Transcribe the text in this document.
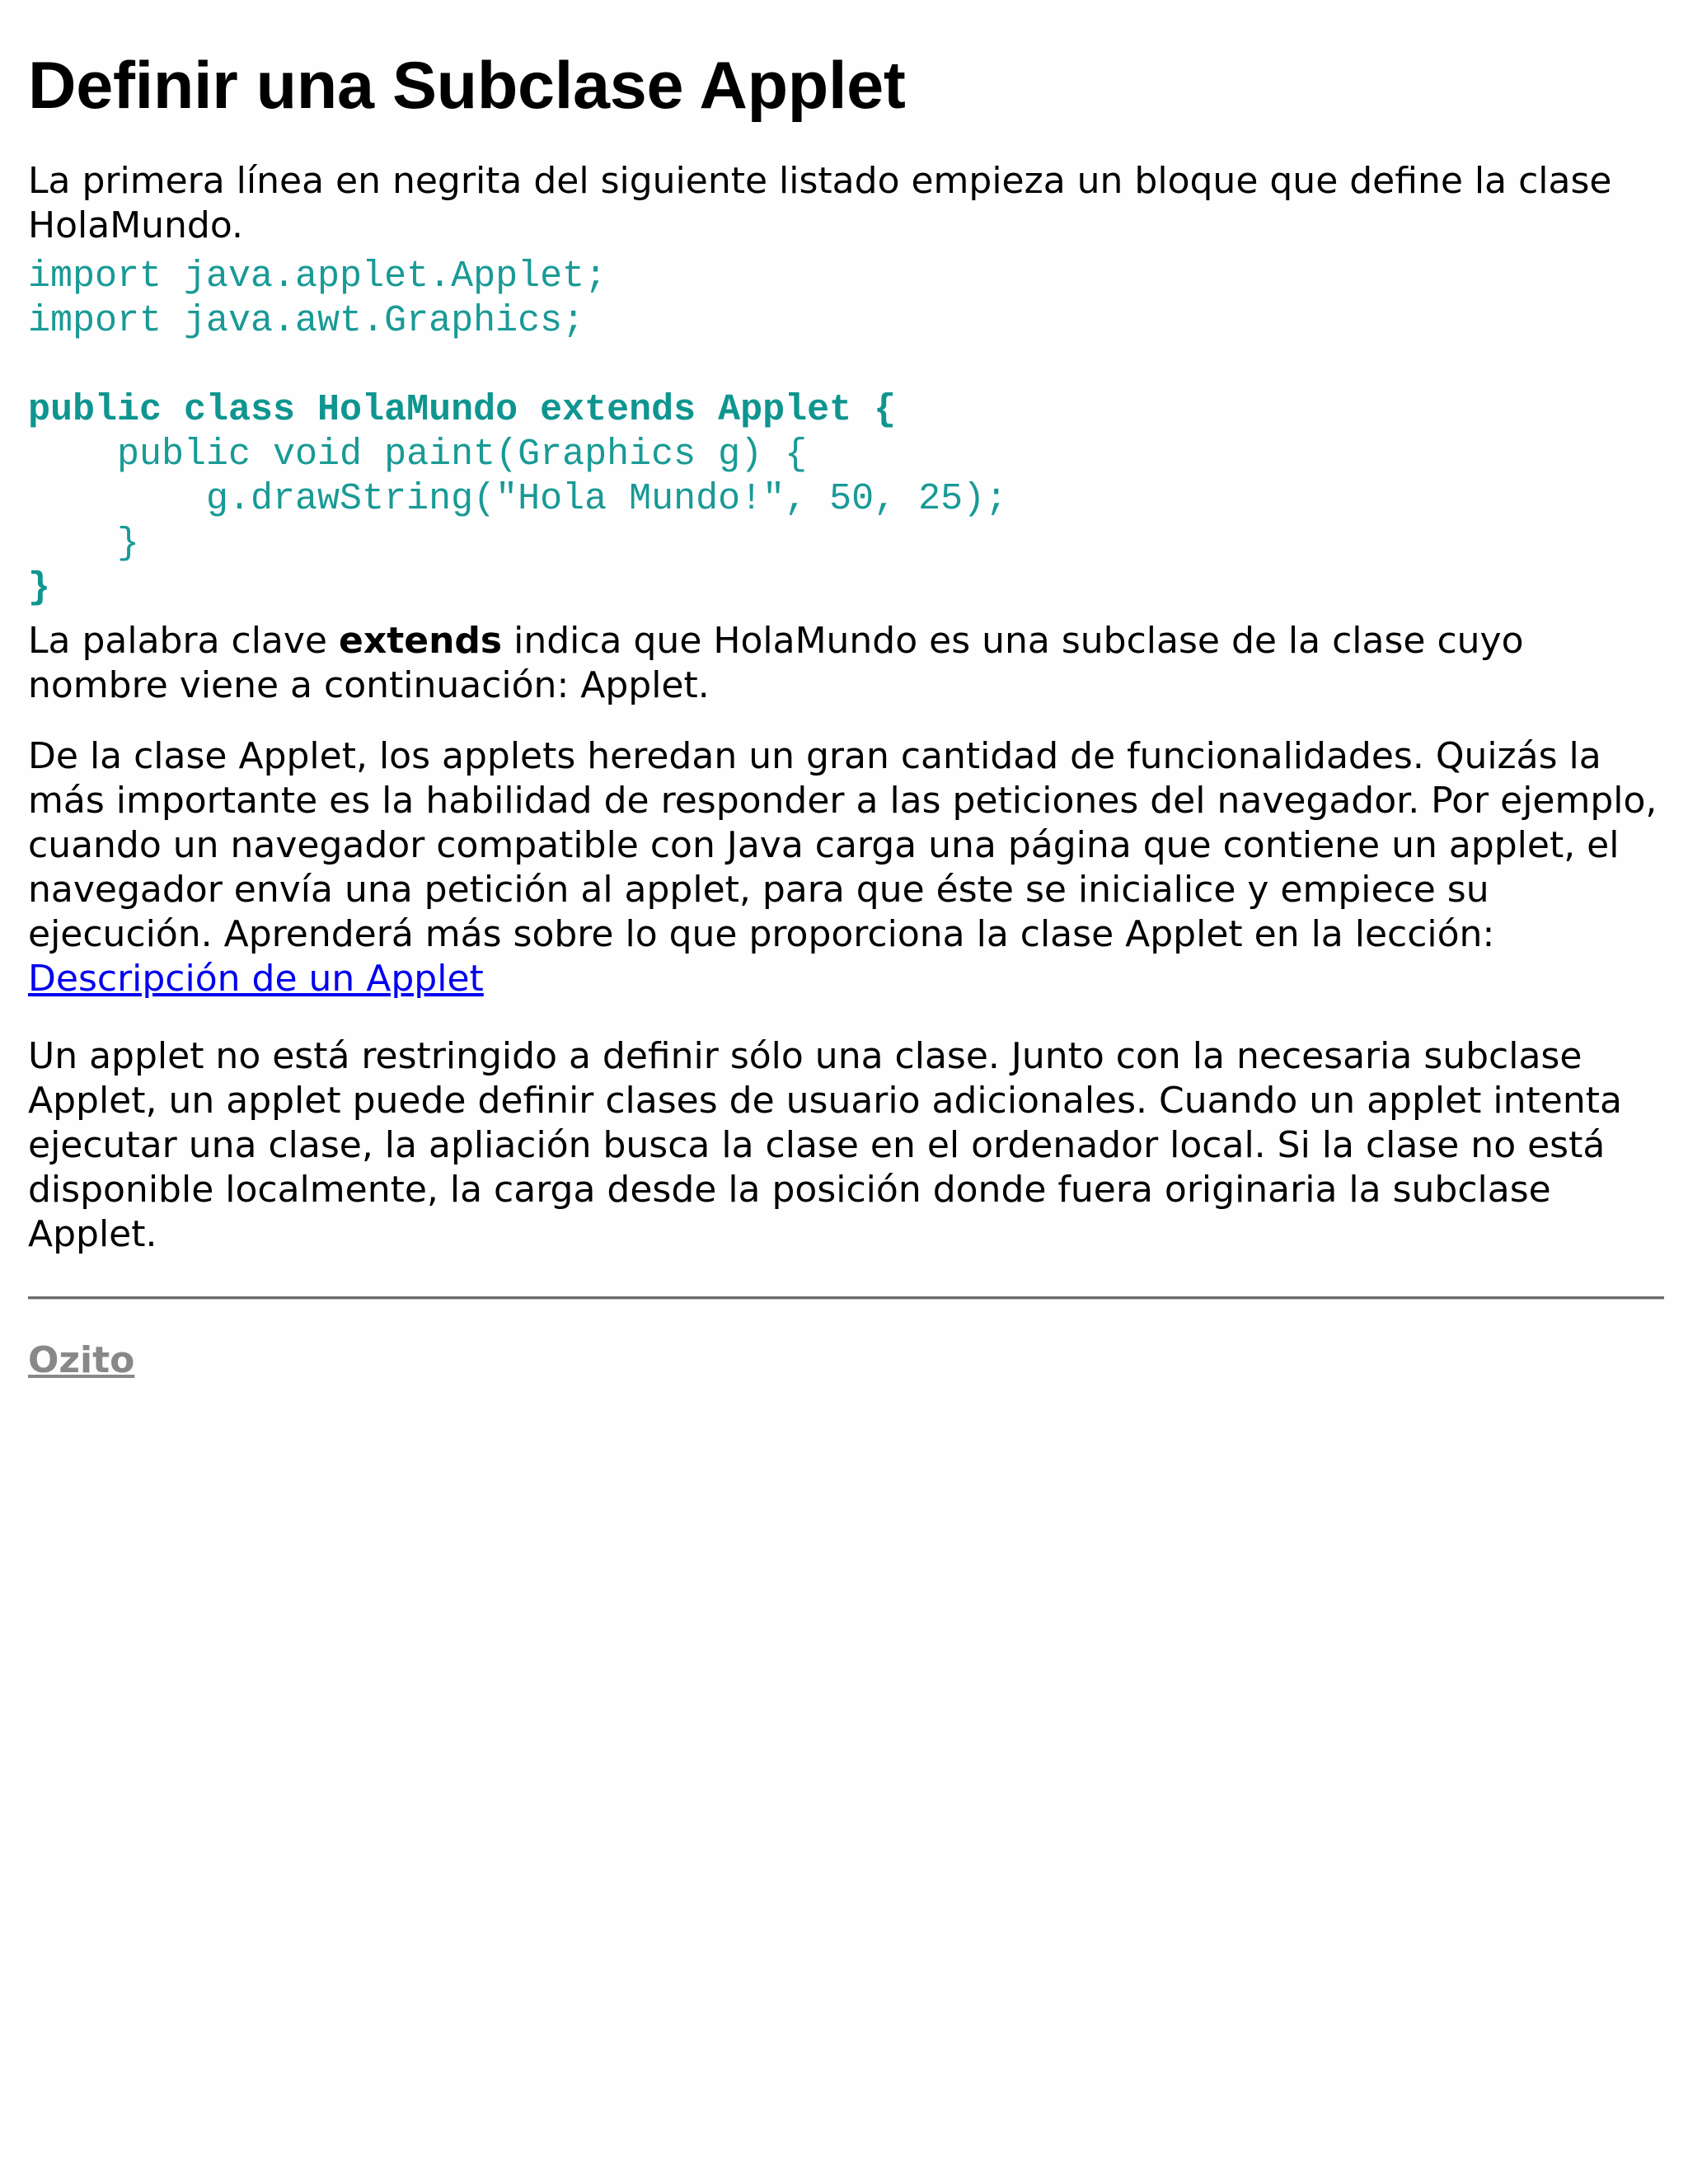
Definir una Subclase Applet

La primera línea en negrita del siguiente listado empieza un bloque que define la clase HolaMundo.

import java.applet.Applet;
import java.awt.Graphics;

public class HolaMundo extends Applet {
public void paint(Graphics g) {
g.drawString("Hola Mundo!", 50, 25);
}
}

La palabra clave extends indica que HolaMundo es una subclase de la clase cuyo nombre viene a continuación: Applet.

De la clase Applet, los applets heredan un gran cantidad de funcionalidades. Quizás la más importante es la habilidad de responder a las peticiones del navegador. Por ejemplo, cuando un navegador compatible con Java carga una página que contiene un applet, el navegador envía una petición al applet, para que éste se inicialice y empiece su ejecución. Aprenderá más sobre lo que proporciona la clase Applet en la lección: Descripción de un Applet

Un applet no está restringido a definir sólo una clase. Junto con la necesaria subclase Applet, un applet puede definir clases de usuario adicionales. Cuando un applet intenta ejecutar una clase, la apliación busca la clase en el ordenador local. Si la clase no está disponible localmente, la carga desde la posición donde fuera originaria la subclase Applet.

Ozito
